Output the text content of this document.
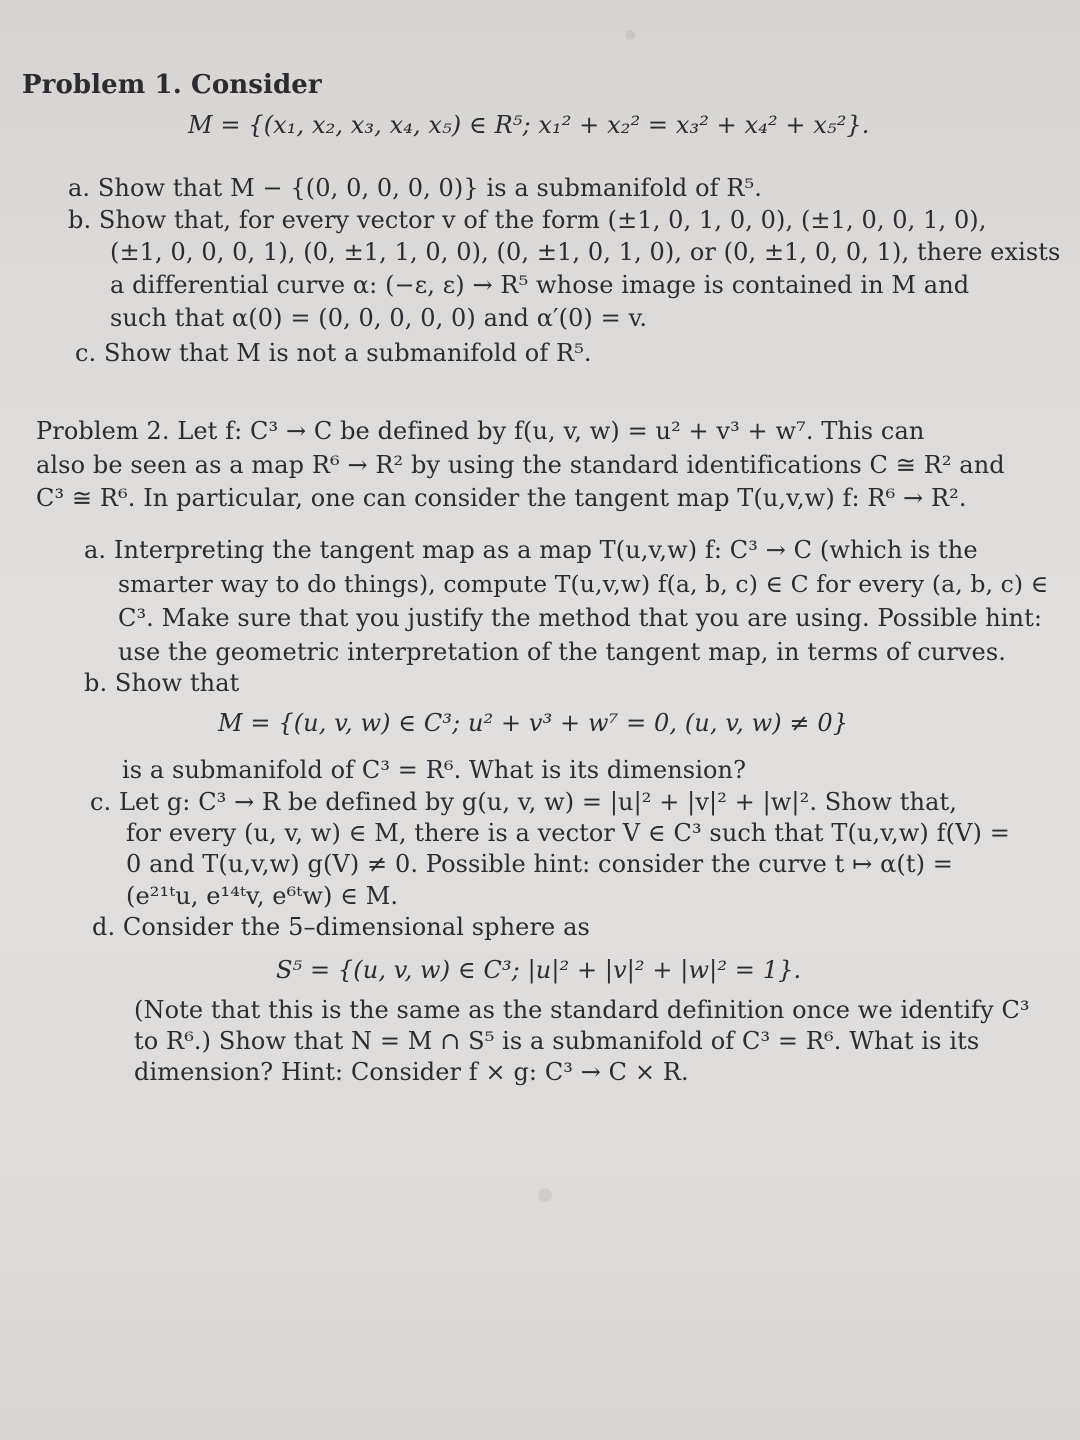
Problem 1. Consider
M = {(x₁, x₂, x₃, x₄, x₅) ∈ R⁵; x₁² + x₂² = x₃² + x₄² + x₅²}.
a. Show that M − {(0, 0, 0, 0, 0)} is a submanifold of R⁵.
b. Show that, for every vector v of the form (±1, 0, 1, 0, 0), (±1, 0, 0, 1, 0),
(±1, 0, 0, 0, 1), (0, ±1, 1, 0, 0), (0, ±1, 0, 1, 0), or (0, ±1, 0, 0, 1), there exists
a differential curve α: (−ε, ε) → R⁵ whose image is contained in M and
such that α(0) = (0, 0, 0, 0, 0) and α′(0) = v.
c. Show that M is not a submanifold of R⁵.
Problem 2. Let f: C³ → C be defined by f(u, v, w) = u² + v³ + w⁷. This can
also be seen as a map R⁶ → R² by using the standard identifications C ≅ R² and
C³ ≅ R⁶. In particular, one can consider the tangent map T(u,v,w) f: R⁶ → R².
a. Interpreting the tangent map as a map T(u,v,w) f: C³ → C (which is the
smarter way to do things), compute T(u,v,w) f(a, b, c) ∈ C for every (a, b, c) ∈
C³. Make sure that you justify the method that you are using. Possible hint:
use the geometric interpretation of the tangent map, in terms of curves.
b. Show that
M = {(u, v, w) ∈ C³; u² + v³ + w⁷ = 0, (u, v, w) ≠ 0}
is a submanifold of C³ = R⁶. What is its dimension?
c. Let g: C³ → R be defined by g(u, v, w) = |u|² + |v|² + |w|². Show that,
for every (u, v, w) ∈ M, there is a vector V ∈ C³ such that T(u,v,w) f(V) =
0 and T(u,v,w) g(V) ≠ 0. Possible hint: consider the curve t ↦ α(t) =
(e²¹ᵗu, e¹⁴ᵗv, e⁶ᵗw) ∈ M.
d. Consider the 5–dimensional sphere as
S⁵ = {(u, v, w) ∈ C³; |u|² + |v|² + |w|² = 1}.
(Note that this is the same as the standard definition once we identify C³
to R⁶.) Show that N = M ∩ S⁵ is a submanifold of C³ = R⁶. What is its
dimension? Hint: Consider f × g: C³ → C × R.
